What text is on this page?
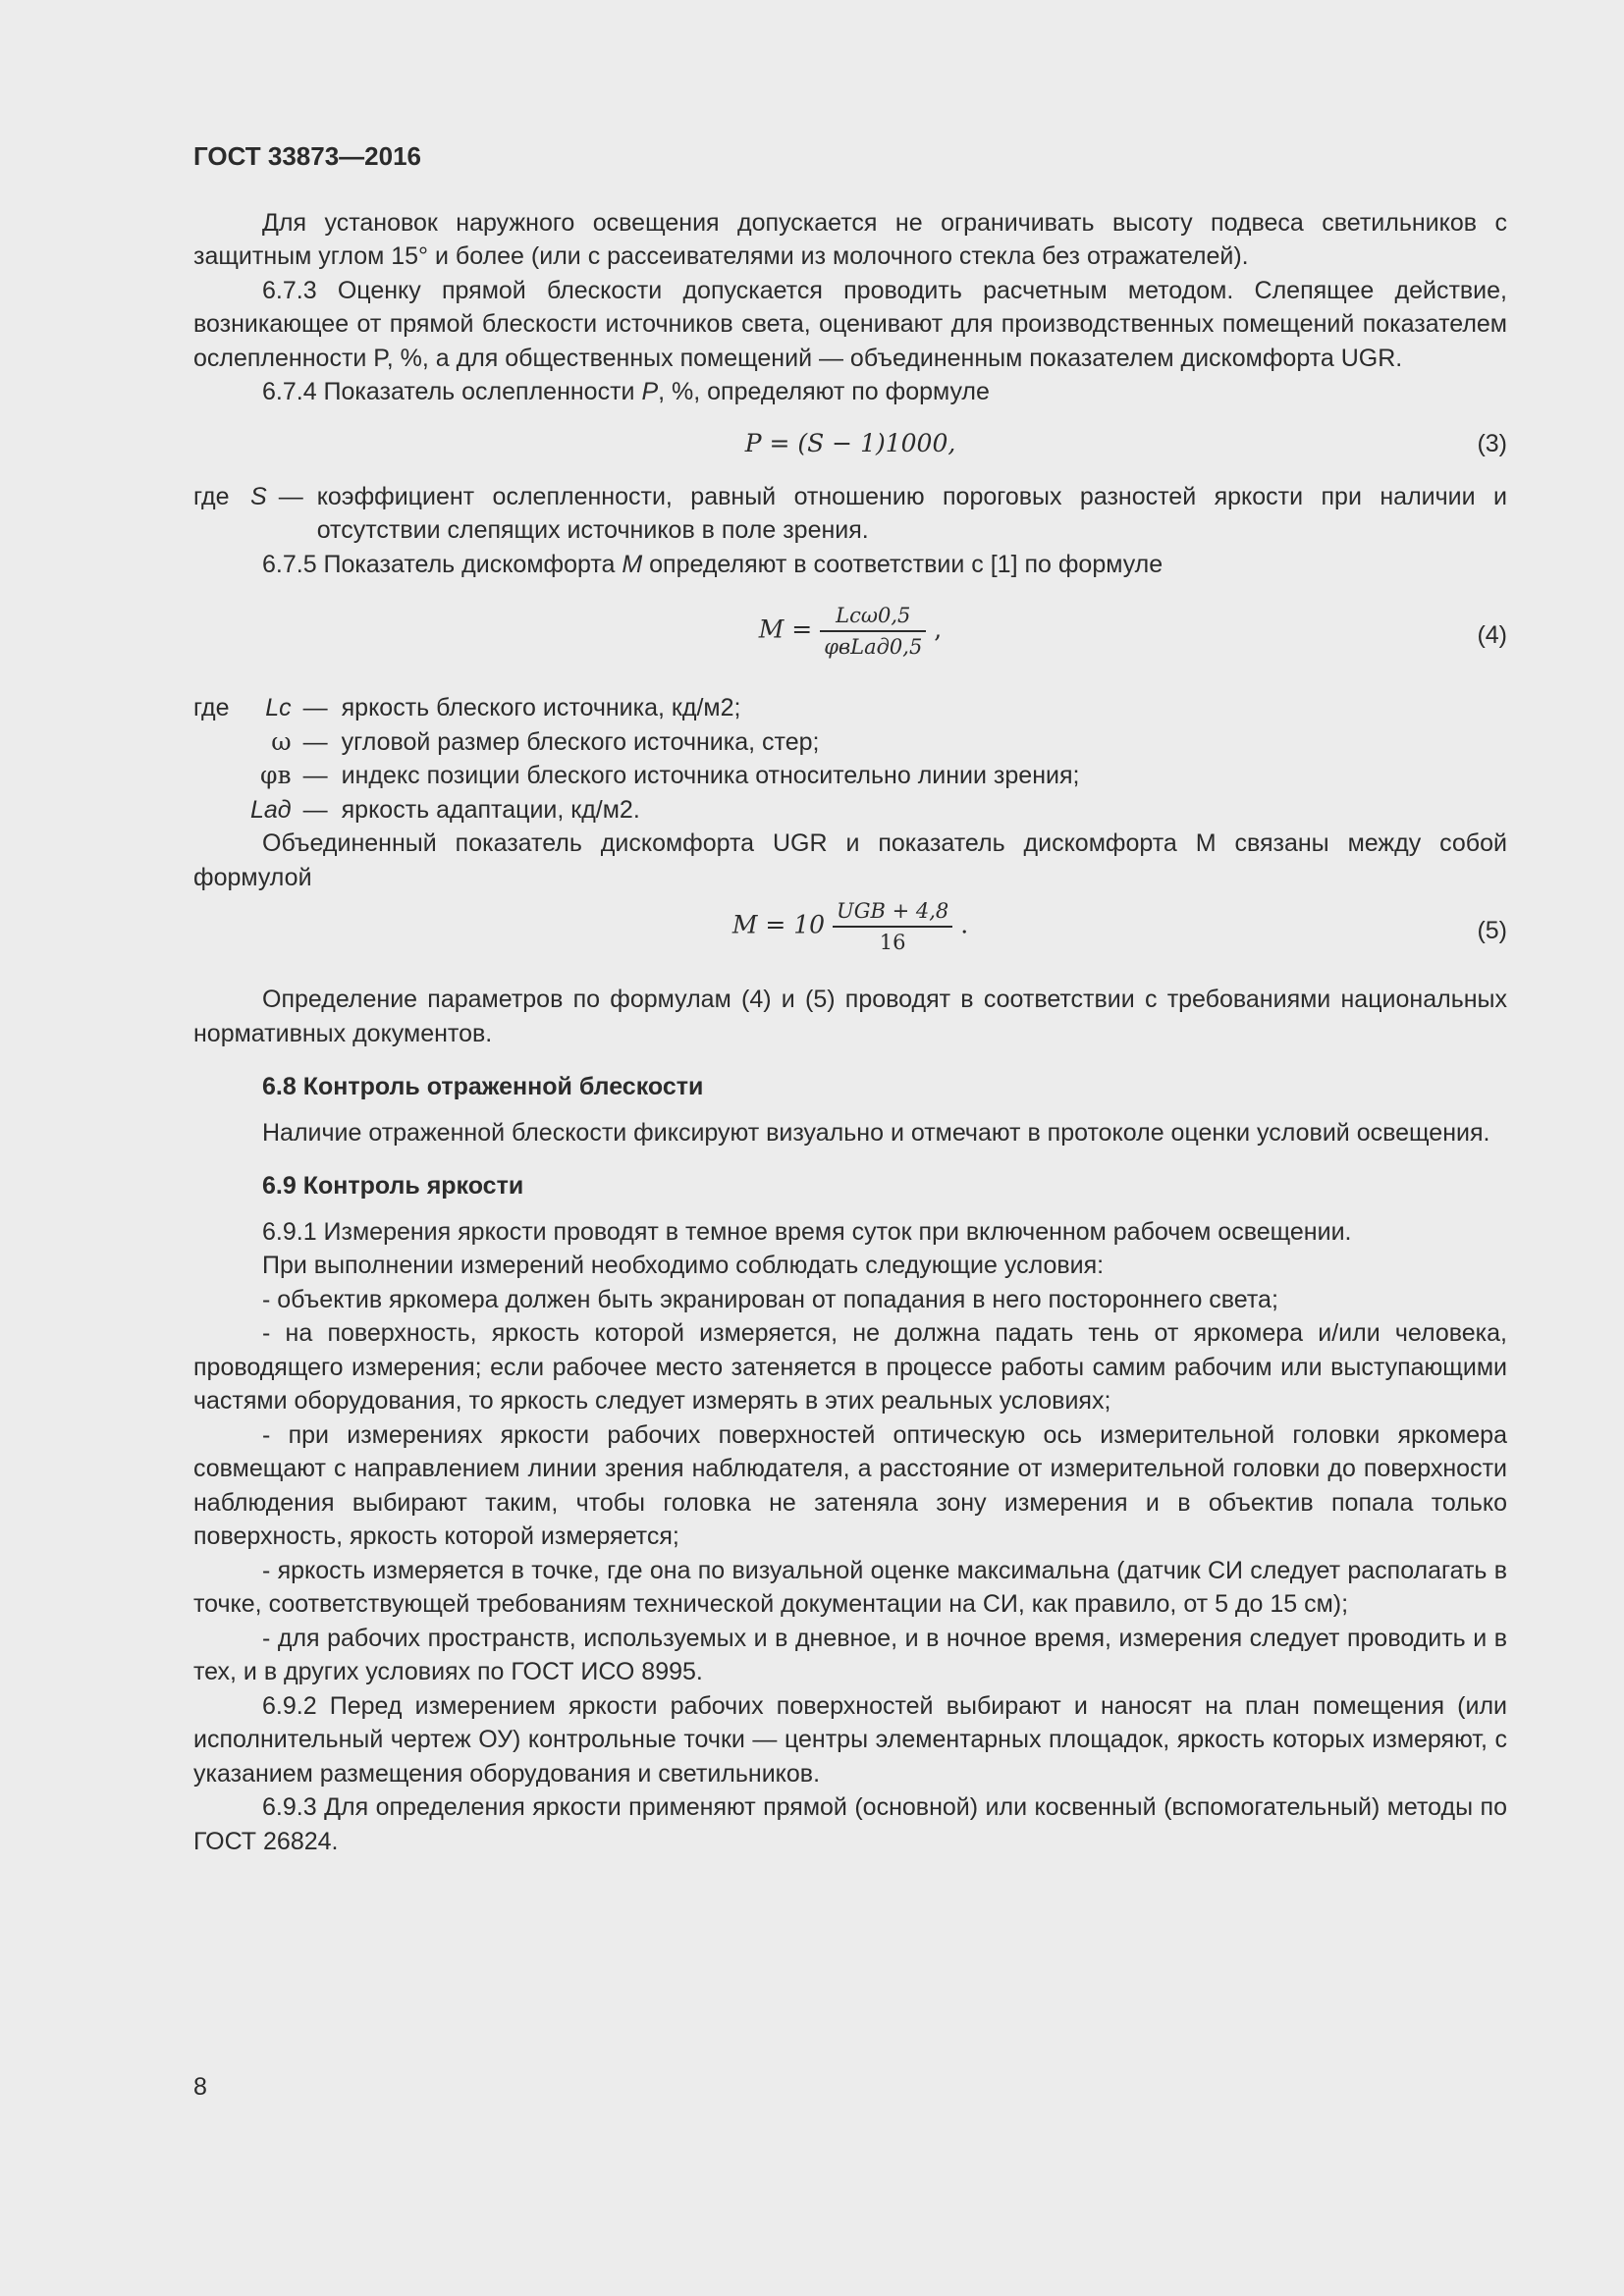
ГОСТ 33873—2016

Для установок наружного освещения допускается не ограничивать высоту подвеса светильников с защитным углом 15° и более (или с рассеивателями из молочного стекла без отражателей).

6.7.3 Оценку прямой блескости допускается проводить расчетным методом. Слепящее действие, возникающее от прямой блескости источников света, оценивают для производственных помещений показателем ослепленности P, %, а для общественных помещений — объединенным показателем дискомфорта UGR.

6.7.4 Показатель ослепленности P, %, определяют по формуле

P = (S − 1)1000,	(3)
где	S	—	коэффициент ослепленности, равный отношению пороговых разностей яркости при наличии и отсутствии слепящих источников в поле зрения.

6.7.5 Показатель дискомфорта M определяют в соответствии с [1] по формуле

$M = \frac{\text{Lcω0,5}}{\text{φвLад0,5}}$ ,	(4)
где	Lc	—	яркость блеского источника, кд/м2;
	ω	—	угловой размер блеского источника, стер;
	φв	—	индекс позиции блеского источника относительно линии зрения;
	Lад	—	яркость адаптации, кд/м2.

Объединенный показатель дискомфорта UGR и показатель дискомфорта M связаны между собой формулой

$M = 10 \frac{\text{UGB + 4,8}}{16}$ .	(5)

Определение параметров по формулам (4) и (5) проводят в соответствии с требованиями национальных нормативных документов.

6.8 Контроль отраженной блескости

Наличие отраженной блескости фиксируют визуально и отмечают в протоколе оценки условий освещения.

6.9 Контроль яркости

6.9.1 Измерения яркости проводят в темное время суток при включенном рабочем освещении.

При выполнении измерений необходимо соблюдать следующие условия:

- объектив яркомера должен быть экранирован от попадания в него постороннего света;

- на поверхность, яркость которой измеряется, не должна падать тень от яркомера и/или человека, проводящего измерения; если рабочее место затеняется в процессе работы самим рабочим или выступающими частями оборудования, то яркость следует измерять в этих реальных условиях;

- при измерениях яркости рабочих поверхностей оптическую ось измерительной головки яркомера совмещают с направлением линии зрения наблюдателя, а расстояние от измерительной головки до поверхности наблюдения выбирают таким, чтобы головка не затеняла зону измерения и в объектив попала только поверхность, яркость которой измеряется;

- яркость измеряется в точке, где она по визуальной оценке максимальна (датчик СИ следует располагать в точке, соответствующей требованиям технической документации на СИ, как правило, от 5 до 15 см);

- для рабочих пространств, используемых и в дневное, и в ночное время, измерения следует проводить и в тех, и в других условиях по ГОСТ ИСО 8995.

6.9.2 Перед измерением яркости рабочих поверхностей выбирают и наносят на план помещения (или исполнительный чертеж ОУ) контрольные точки — центры элементарных площадок, яркость которых измеряют, с указанием размещения оборудования и светильников.

6.9.3 Для определения яркости применяют прямой (основной) или косвенный (вспомогательный) методы по ГОСТ 26824.

8
